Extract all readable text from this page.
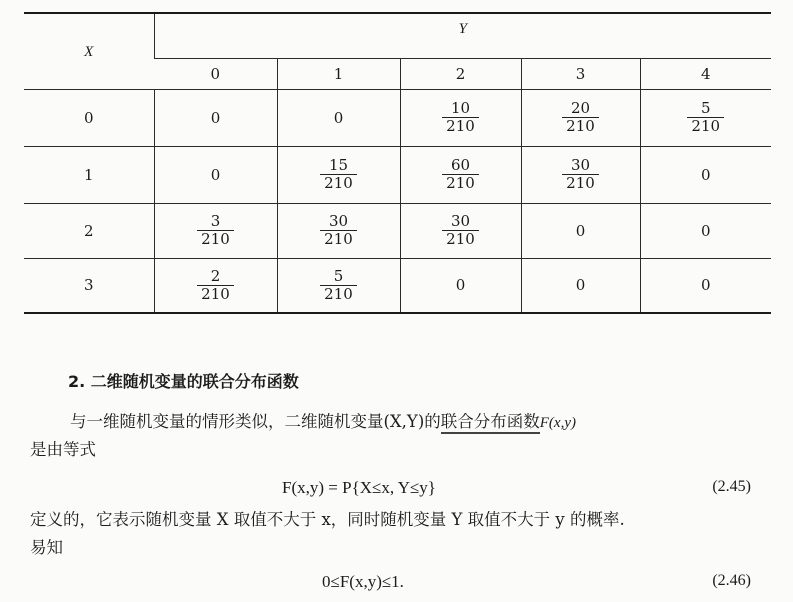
X	Y				
	0	1	2	3	4
0	0	0	$\frac{10}{210}$	$\frac{20}{210}$	$\frac{5}{210}$

1	0	$\frac{15}{210}$	$\frac{60}{210}$	$\frac{30}{210}$	0
2	$\frac{3}{210}$	$\frac{30}{210}$	$\frac{30}{210}$	0	0
3	$\frac{2}{210}$	$\frac{5}{210}$	0	0	0
2. 二维随机变量的联合分布函数

与一维随机变量的情形类似，二维随机变量(X,Y)的联合分布函数F(x,y)

是由等式

F(x,y) = P{X≤x, Y≤y}	(2.45)

定义的，它表示随机变量 X 取值不大于 x，同时随机变量 Y 取值不大于 y 的概率.

易知

0≤F(x,y)≤1.	(2.46)
